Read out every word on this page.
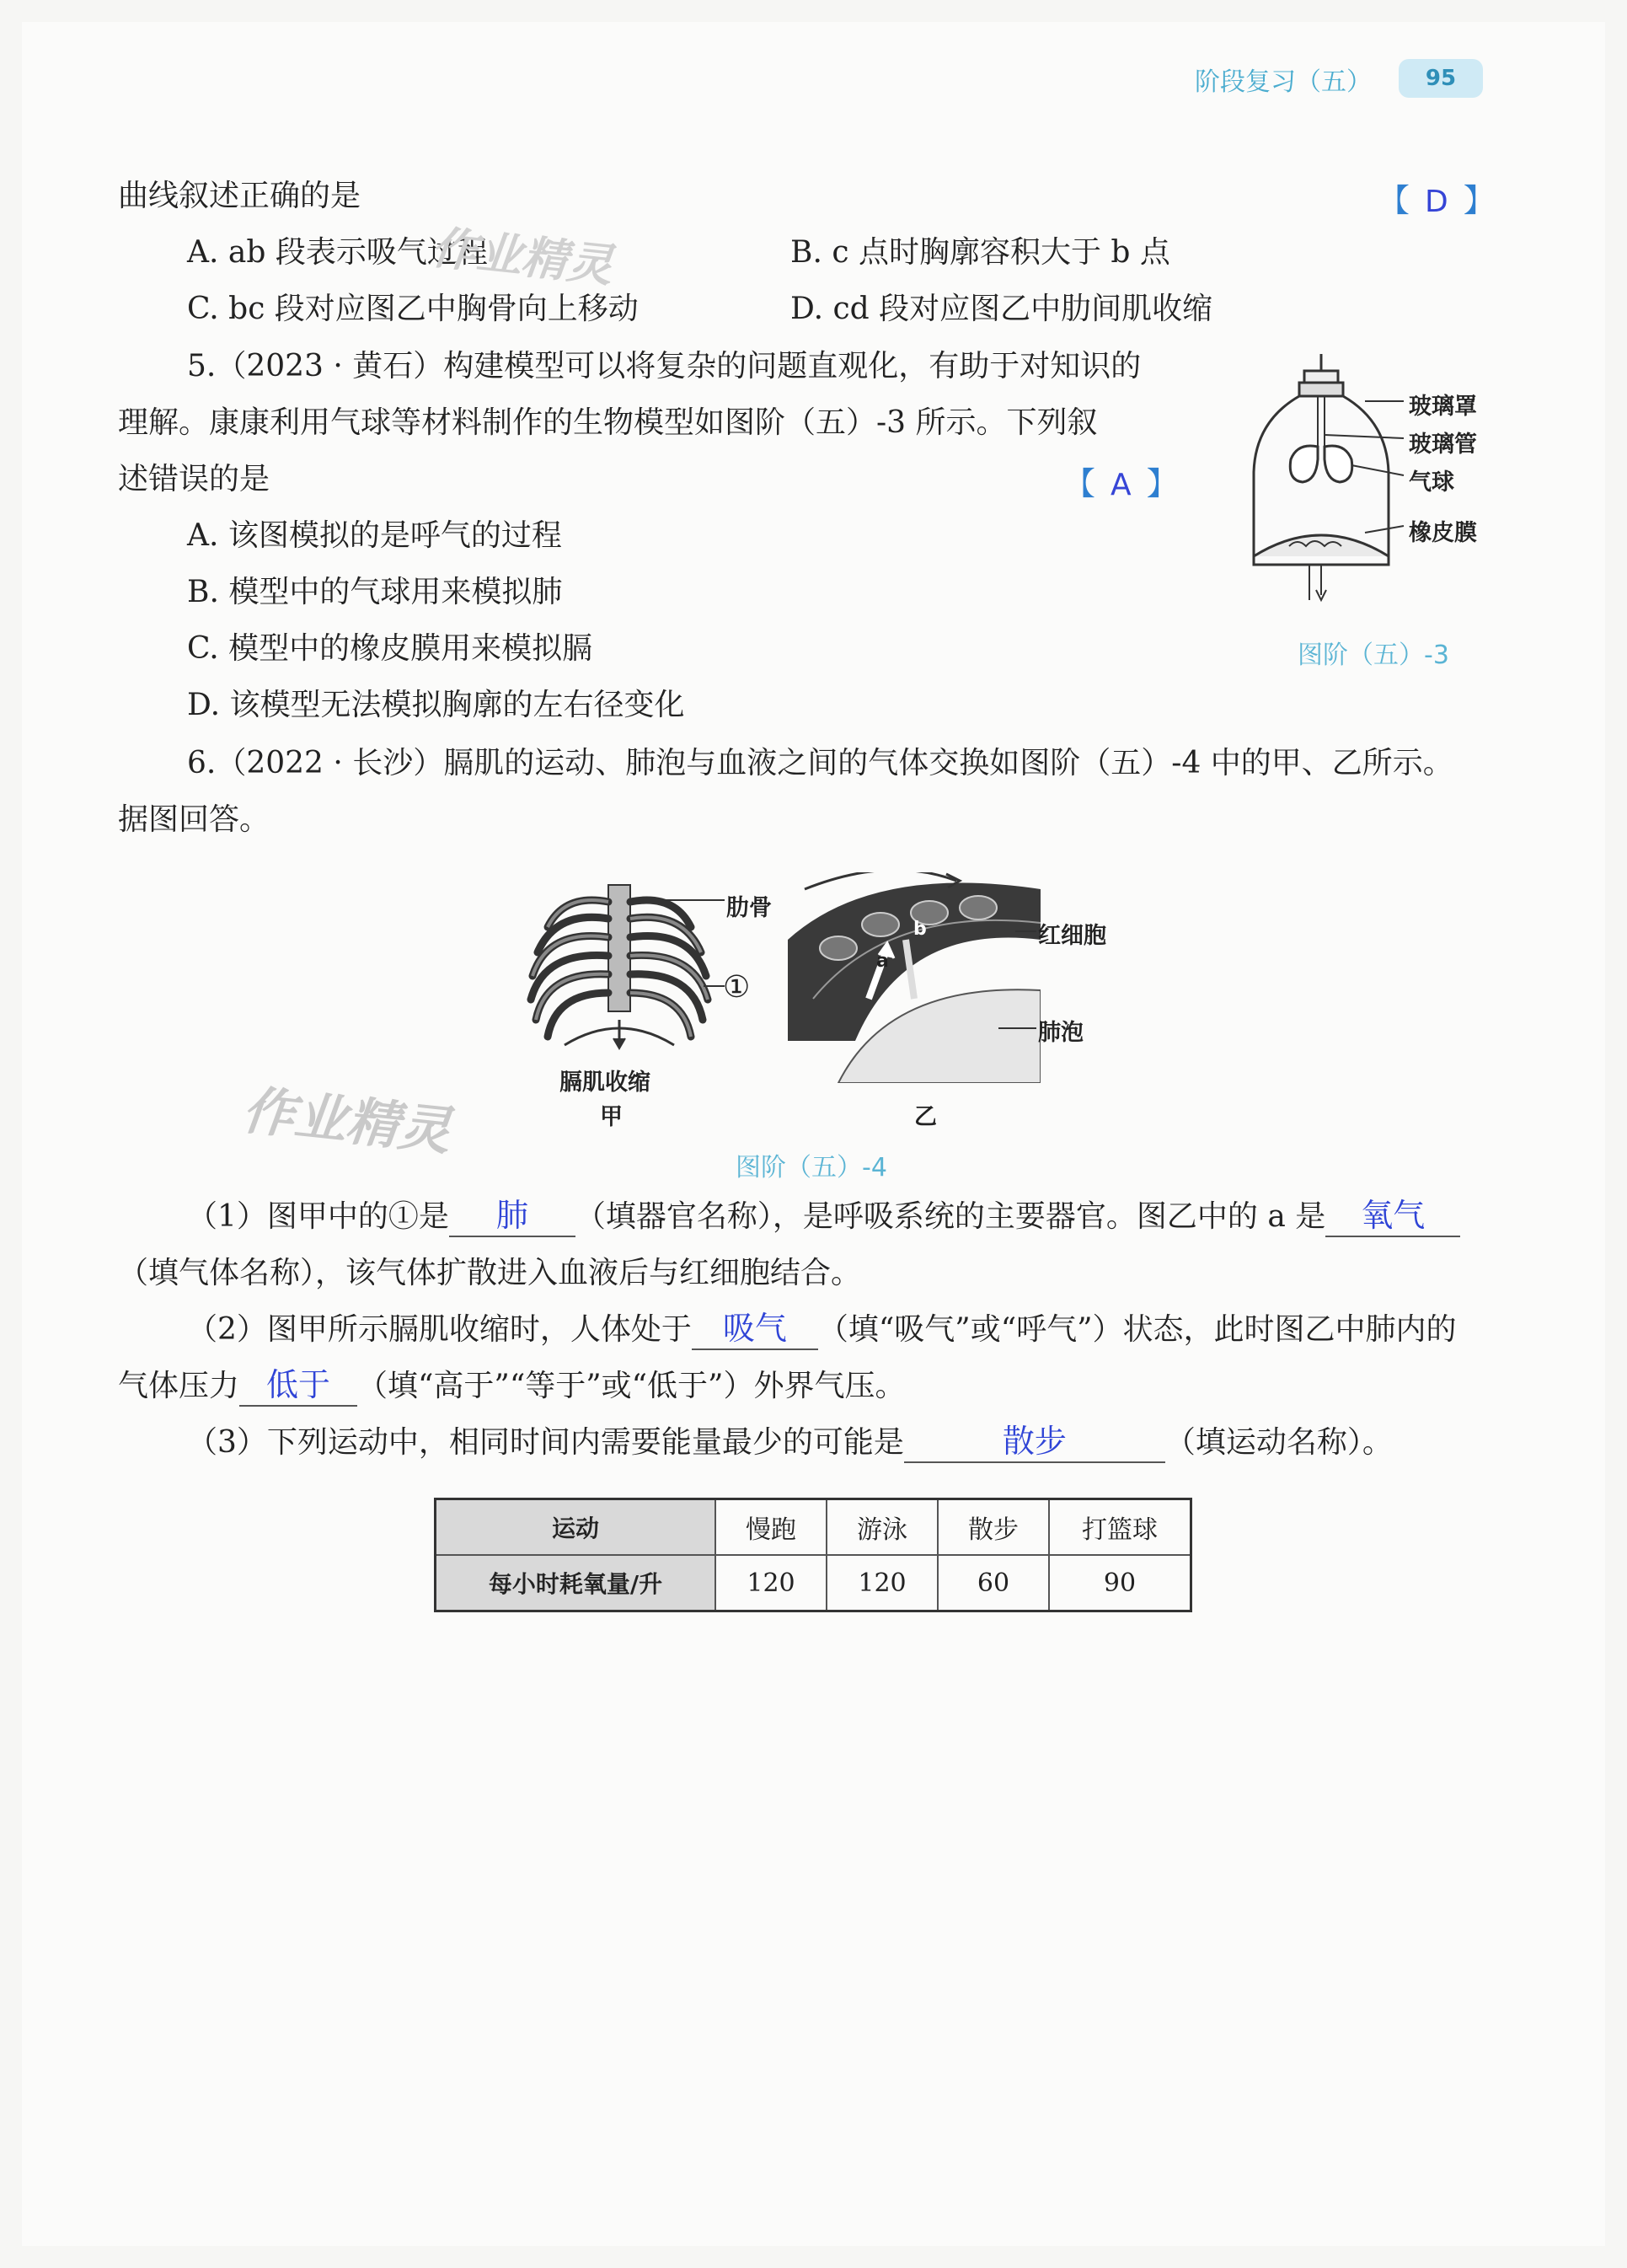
阶段复习（五）	95
曲线叙述正确的是	【 D 】
A. ab 段表示吸气过程	B. c 点时胸廓容积大于 b 点
C. bc 段对应图乙中胸骨向上移动	D. cd 段对应图乙中肋间肌收缩
作业精灵
5.（2023 · 黄石）构建模型可以将复杂的问题直观化，有助于对知识的
理解。康康利用气球等材料制作的生物模型如图阶（五）-3 所示。下列叙
述错误的是	【 A 】
A. 该图模拟的是呼气的过程
B. 模型中的气球用来模拟肺
C. 模型中的橡皮膜用来模拟膈
D. 该模型无法模拟胸廓的左右径变化
玻璃罩
玻璃管
气球
橡皮膜
图阶（五）-3
6.（2022 · 长沙）膈肌的运动、肺泡与血液之间的气体交换如图阶（五）-4 中的甲、乙所示。
据图回答。
肋骨
①
膈肌收缩
甲
a
b	红细胞
肺泡
乙
图阶（五）-4
作业精灵
（1）图甲中的①是 肺 （填器官名称），是呼吸系统的主要器官。图乙中的 a 是 氧气
（填气体名称），该气体扩散进入血液后与红细胞结合。
（2）图甲所示膈肌收缩时，人体处于 吸气 （填“吸气”或“呼气”）状态，此时图乙中肺内的
气体压力 低于 （填“高于”“等于”或“低于”）外界气压。
（3）下列运动中，相同时间内需要能量最少的可能是	散步	（填运动名称）。
运动	慢跑	游泳	散步	打篮球
每小时耗氧量/升	120	120	60	90
